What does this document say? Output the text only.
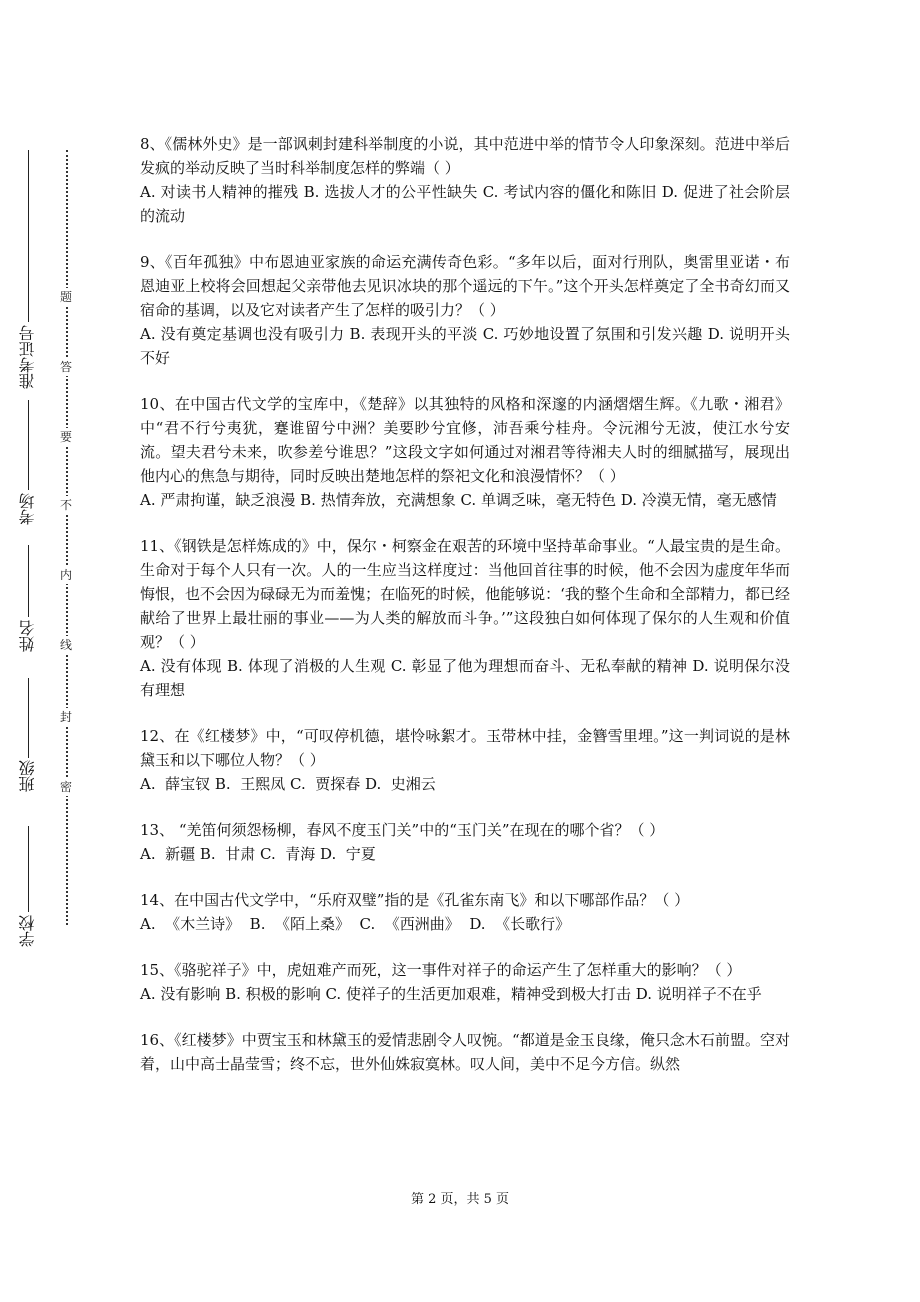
准考证号
考场
姓名
班级
学校
密
封
线
内
不
要
答
题

8、《儒林外史》是一部讽刺封建科举制度的小说，其中范进中举的情节令人印象深刻。范进中举后发疯的举动反映了当时科举制度怎样的弊端（ ）

A. 对读书人精神的摧残 B. 选拔人才的公平性缺失 C. 考试内容的僵化和陈旧 D. 促进了社会阶层的流动

9、《百年孤独》中布恩迪亚家族的命运充满传奇色彩。“多年以后，面对行刑队，奥雷里亚诺・布恩迪亚上校将会回想起父亲带他去见识冰块的那个遥远的下午。”这个开头怎样奠定了全书奇幻而又宿命的基调，以及它对读者产生了怎样的吸引力？（ ）

A. 没有奠定基调也没有吸引力 B. 表现开头的平淡 C. 巧妙地设置了氛围和引发兴趣 D. 说明开头不好

10、在中国古代文学的宝库中，《楚辞》以其独特的风格和深邃的内涵熠熠生辉。《九歌・湘君》中“君不行兮夷犹，蹇谁留兮中洲？美要眇兮宜修，沛吾乘兮桂舟。令沅湘兮无波，使江水兮安流。望夫君兮未来，吹参差兮谁思？”这段文字如何通过对湘君等待湘夫人时的细腻描写，展现出他内心的焦急与期待，同时反映出楚地怎样的祭祀文化和浪漫情怀？（ ）

A. 严肃拘谨，缺乏浪漫 B. 热情奔放，充满想象 C. 单调乏味，毫无特色 D. 冷漠无情，毫无感情

11、《钢铁是怎样炼成的》中，保尔・柯察金在艰苦的环境中坚持革命事业。“人最宝贵的是生命。生命对于每个人只有一次。人的一生应当这样度过：当他回首往事的时候，他不会因为虚度年华而悔恨，也不会因为碌碌无为而羞愧；在临死的时候，他能够说：‘我的整个生命和全部精力，都已经献给了世界上最壮丽的事业——为人类的解放而斗争。’”这段独白如何体现了保尔的人生观和价值观？（ ）

A. 没有体现 B. 体现了消极的人生观 C. 彰显了他为理想而奋斗、无私奉献的精神 D. 说明保尔没有理想

12、在《红楼梦》中，“可叹停机德，堪怜咏絮才。玉带林中挂，金簪雪里埋。”这一判词说的是林黛玉和以下哪位人物？（ ）

A.  薛宝钗 B.  王熙凤 C.  贾探春 D.  史湘云

13、 “羌笛何须怨杨柳，春风不度玉门关”中的“玉门关”在现在的哪个省？（ ）

A.  新疆 B.  甘肃 C.  青海 D.  宁夏

14、在中国古代文学中，“乐府双璧”指的是《孔雀东南飞》和以下哪部作品？（ ）

A.  《木兰诗》  B.  《陌上桑》  C.  《西洲曲》  D.  《长歌行》

15、《骆驼祥子》中，虎妞难产而死，这一事件对祥子的命运产生了怎样重大的影响？（ ）

A. 没有影响 B. 积极的影响 C. 使祥子的生活更加艰难，精神受到极大打击 D. 说明祥子不在乎

16、《红楼梦》中贾宝玉和林黛玉的爱情悲剧令人叹惋。“都道是金玉良缘，俺只念木石前盟。空对着，山中高士晶莹雪；终不忘，世外仙姝寂寞林。叹人间，美中不足今方信。纵然

第 2 页，共 5 页
